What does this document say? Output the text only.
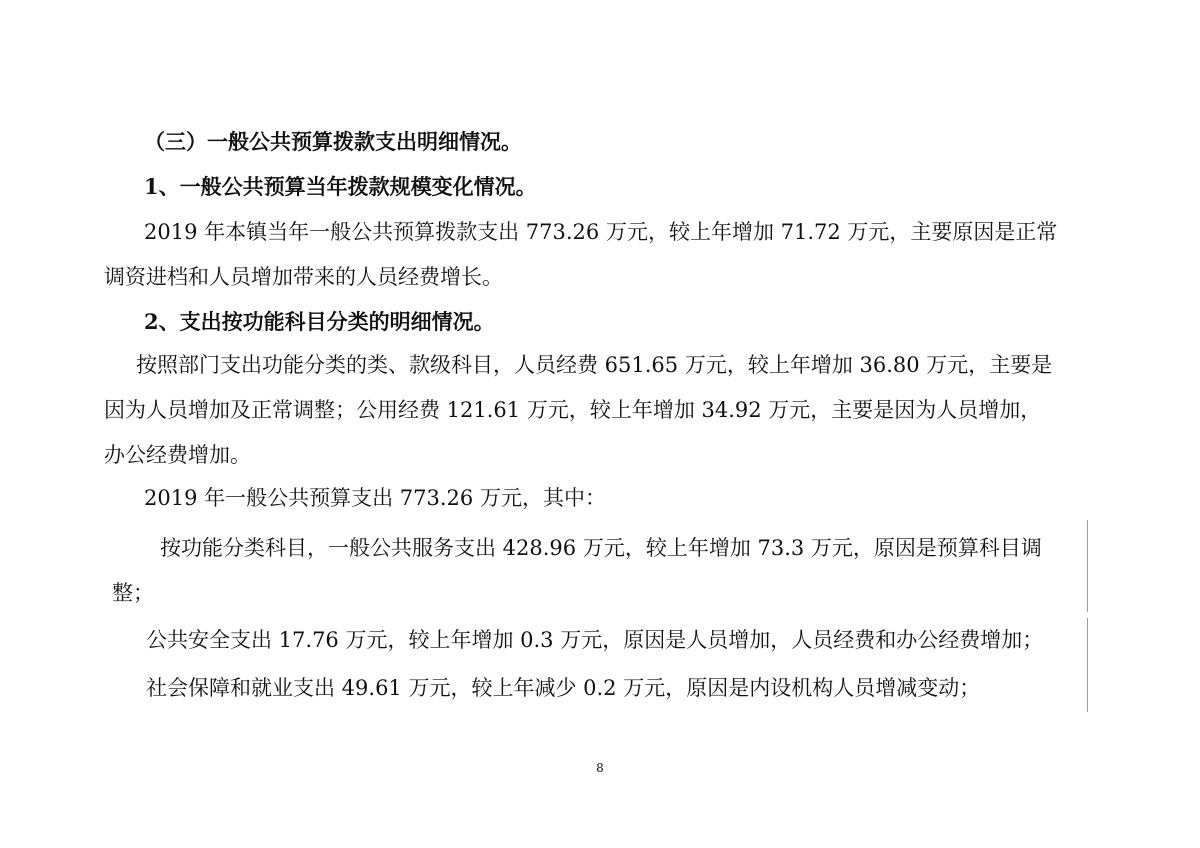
（三）一般公共预算拨款支出明细情况。
1、一般公共预算当年拨款规模变化情况。
2019 年本镇当年一般公共预算拨款支出 773.26 万元，较上年增加 71.72 万元，主要原因是正常
调资进档和人员增加带来的人员经费增长。
2、支出按功能科目分类的明细情况。
按照部门支出功能分类的类、款级科目，人员经费 651.65 万元，较上年增加 36.80 万元，主要是
因为人员增加及正常调整；公用经费 121.61 万元，较上年增加 34.92 万元，主要是因为人员增加，
办公经费增加。
2019 年一般公共预算支出 773.26 万元，其中：
按功能分类科目，一般公共服务支出 428.96 万元，较上年增加 73.3 万元，原因是预算科目调
整；
公共安全支出 17.76 万元，较上年增加 0.3 万元，原因是人员增加，人员经费和办公经费增加；
社会保障和就业支出 49.61 万元，较上年减少 0.2 万元，原因是内设机构人员增减变动；
8
